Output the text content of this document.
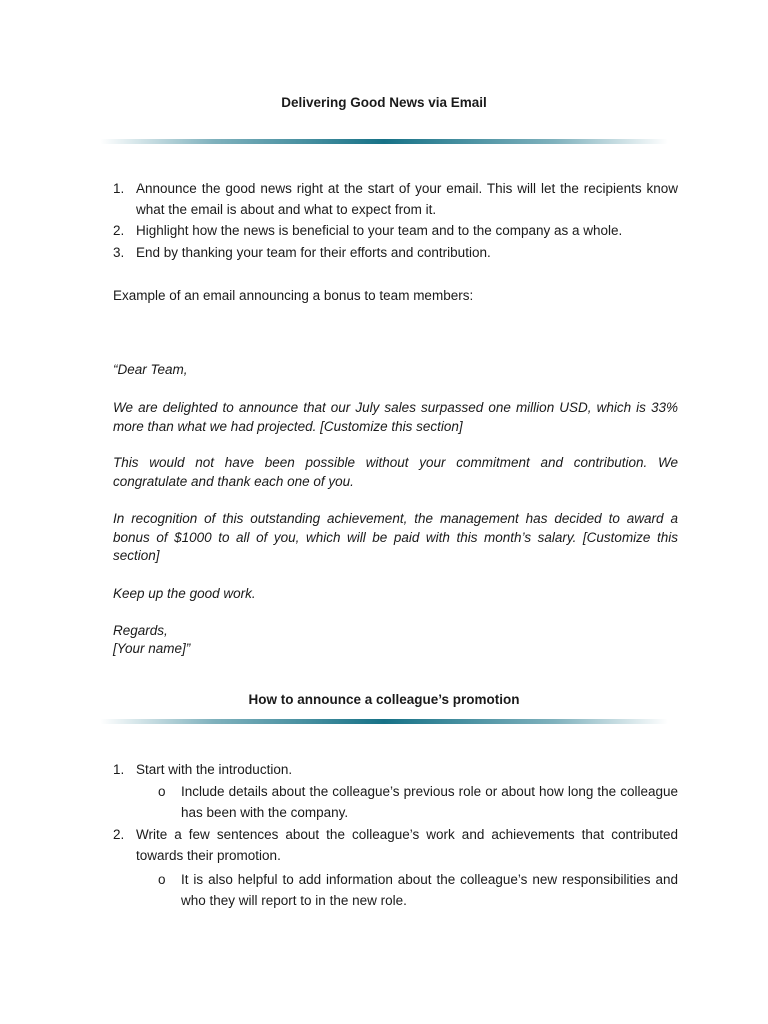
Delivering Good News via Email
1. Announce the good news right at the start of your email. This will let the recipients know what the email is about and what to expect from it.
2. Highlight how the news is beneficial to your team and to the company as a whole.
3. End by thanking your team for their efforts and contribution.
Example of an email announcing a bonus to team members:
“Dear Team,
We are delighted to announce that our July sales surpassed one million USD, which is 33% more than what we had projected. [Customize this section]
This would not have been possible without your commitment and contribution. We congratulate and thank each one of you.
In recognition of this outstanding achievement, the management has decided to award a bonus of $1000 to all of you, which will be paid with this month’s salary. [Customize this section]
Keep up the good work.
Regards,
[Your name]”
How to announce a colleague’s promotion
1. Start with the introduction.
o Include details about the colleague’s previous role or about how long the colleague has been with the company.
2. Write a few sentences about the colleague’s work and achievements that contributed towards their promotion.
o It is also helpful to add information about the colleague’s new responsibilities and who they will report to in the new role.
